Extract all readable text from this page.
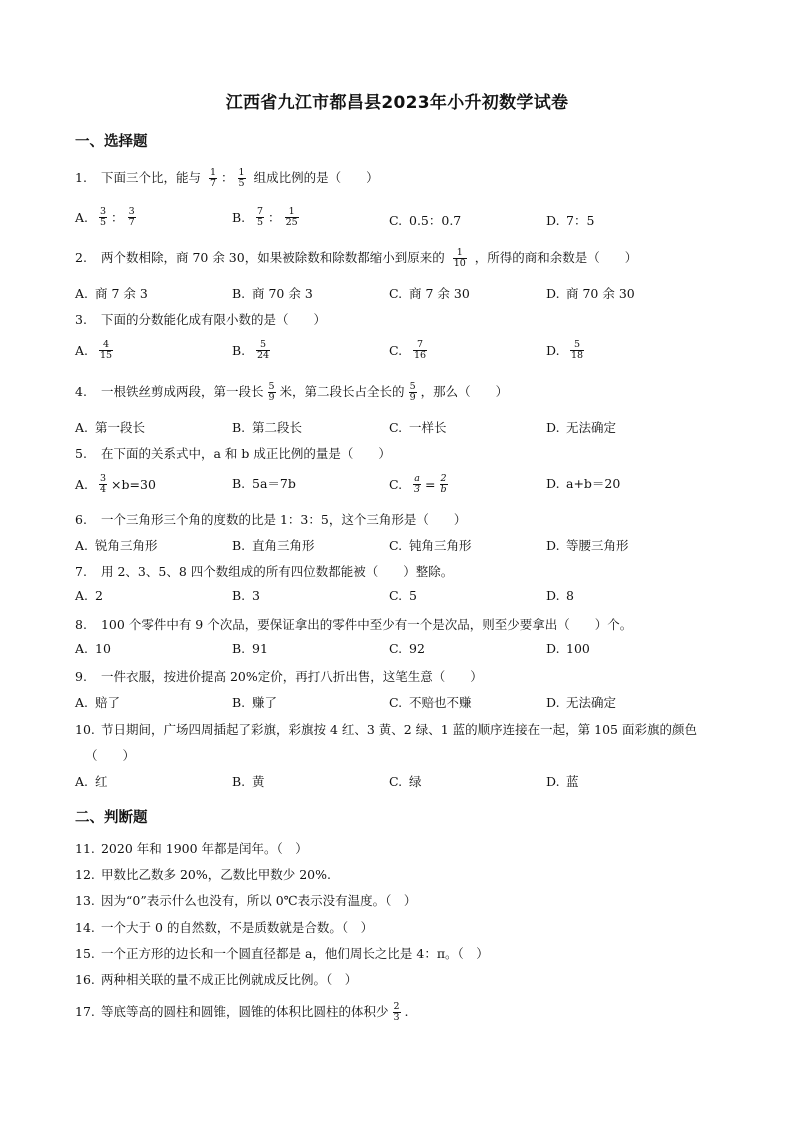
江西省九江市都昌县2023年小升初数学试卷
一、选择题
1. 下面三个比，能与 $\frac{1}{7}$ ： $\frac{1}{5}$ 组成比例的是（　　）
A.	$\frac{3}{5}$ ： $\frac{3}{7}$	B.	$\frac{7}{5}$ ： $\frac{1}{25}$	C. 0.5：0.7	D. 7：5
2. 两个数相除，商 70 余 30，如果被除数和除数都缩小到原来的 $\frac{1}{10}$ ，所得的商和余数是（　　）
A. 商 7 余 3	B. 商 70 余 3	C. 商 7 余 30	D. 商 70 余 30
3. 下面的分数能化成有限小数的是（　　）
A.	$\frac{4}{15}$	B.	$\frac{5}{24}$	C.	$\frac{7}{16}$	D.	$\frac{5}{18}$
4. 一根铁丝剪成两段，第一段长 $\frac{5}{9}$ 米，第二段长占全长的 $\frac{5}{9}$ ，那么（　　）
A. 第一段长	B. 第二段长	C. 一样长	D. 无法确定
5. 在下面的关系式中，a 和 b 成正比例的量是（　　）
A.	$\frac{3}{4} \times b=30$	B. 5a＝7b	C.	$\frac{a}{3} = \frac{2}{b}$	D. a+b＝20
6. 一个三角形三个角的度数的比是 1：3：5，这个三角形是（　　）
A. 锐角三角形	B. 直角三角形	C. 钝角三角形	D. 等腰三角形
7. 用 2、3、5、8 四个数组成的所有四位数都能被（　　）整除。
A. 2	B. 3	C. 5	D. 8
8. 100 个零件中有 9 个次品，要保证拿出的零件中至少有一个是次品，则至少要拿出（　　）个。
A. 10	B. 91	C. 92	D. 100
9. 一件衣服，按进价提高 20%定价，再打八折出售，这笔生意（　　）
A. 赔了	B. 赚了	C. 不赔也不赚	D. 无法确定
10. 节日期间，广场四周插起了彩旗，彩旗按 4 红、3 黄、2 绿、1 蓝的顺序连接在一起，第 105 面彩旗的颜色
（　　）
A. 红	B. 黄	C. 绿	D. 蓝
二、判断题
11. 2020 年和 1900 年都是闰年。（　）
12. 甲数比乙数多 20%，乙数比甲数少 20%.
13. 因为“0”表示什么也没有，所以 0℃表示没有温度。（　）
14. 一个大于 0 的自然数，不是质数就是合数。（　）
15. 一个正方形的边长和一个圆直径都是 a，他们周长之比是 4：π。（　）
16. 两种相关联的量不成正比例就成反比例。（　）
17. 等底等高的圆柱和圆锥，圆锥的体积比圆柱的体积少 $\frac{2}{3}$ .
